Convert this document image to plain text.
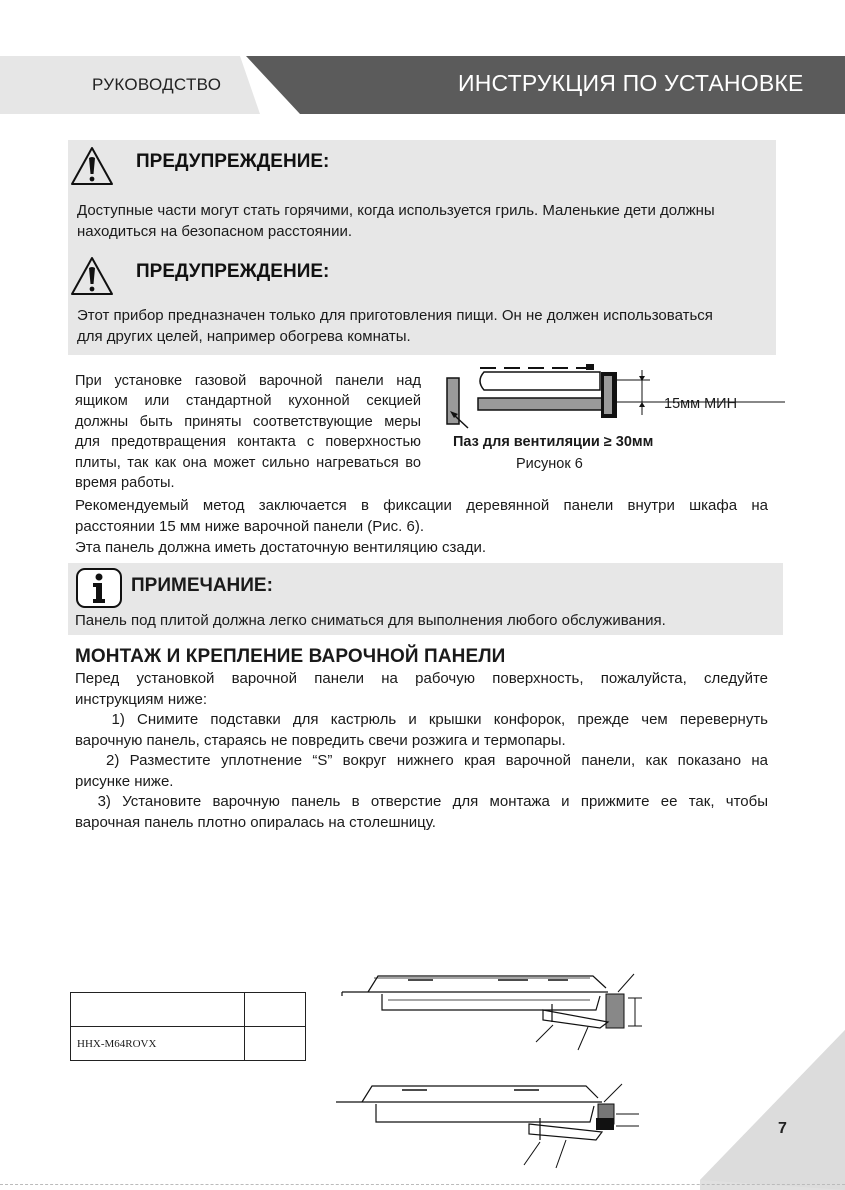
РУКОВОДСТВО	ИНСТРУКЦИЯ ПО УСТАНОВКЕ
ПРЕДУПРЕЖДЕНИЕ:
Доступные части могут стать горячими, когда используется гриль. Маленькие дети должны
находиться на безопасном расстоянии.
ПРЕДУПРЕЖДЕНИЕ:
Этот прибор предназначен только для приготовления пищи. Он не должен использоваться
для других целей, например обогрева комнаты.
При установке газовой варочной панели над
ящиком или стандартной кухонной секцией
должны быть приняты соответствующие меры
для предотвращения контакта с поверхностью
плиты, так как она может сильно нагреваться во
время работы.
15мм МИН
Паз для вентиляции ≥ 30мм
Рисунок 6
Рекомендуемый метод заключается в фиксации деревянной панели внутри шкафа на
расстоянии 15 мм ниже варочной панели (Рис. 6).
Эта панель должна иметь достаточную вентиляцию сзади.
ПРИМЕЧАНИЕ:
Панель под плитой должна легко сниматься для выполнения любого обслуживания.
МОНТАЖ И КРЕПЛЕНИЕ ВАРОЧНОЙ ПАНЕЛИ
Перед установкой варочной панели на рабочую поверхность, пожалуйста, следуйте
инструкциям ниже:
1) Снимите подставки для кастрюль и крышки конфорок, прежде чем перевернуть
варочную панель, стараясь не повредить свечи розжига и термопары.
2) Разместите уплотнение “S” вокруг нижнего края варочной панели, как показано на
рисунке ниже.
3) Установите варочную панель в отверстие для монтажа и прижмите ее так, чтобы
варочная панель плотно опиралась на столешницу.

HHX-M64ROVX	
7
